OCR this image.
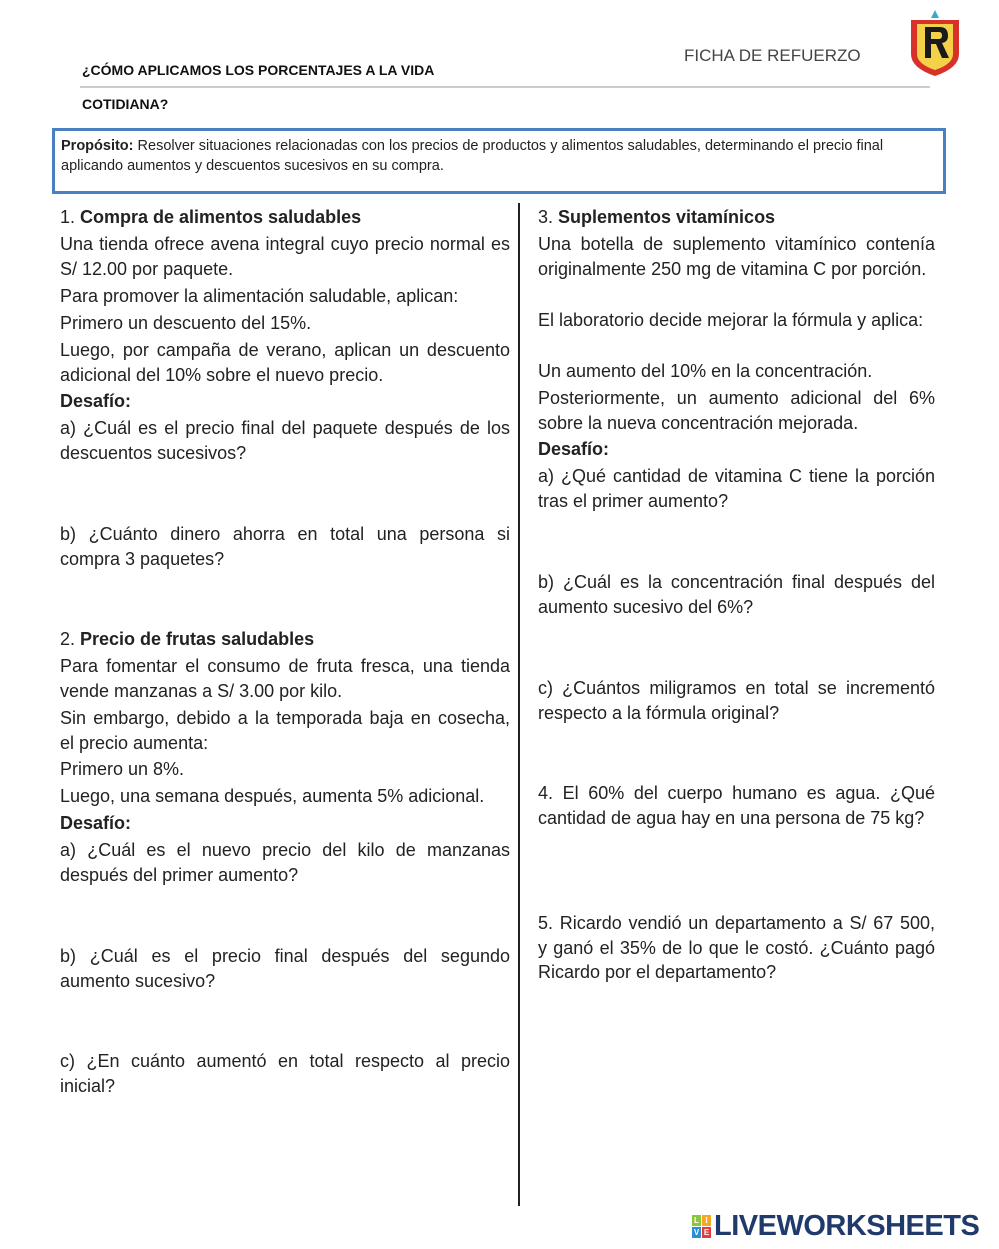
¿CÓMO APLICAMOS LOS PORCENTAJES A LA VIDA
COTIDIANA?
FICHA DE REFUERZO
Propósito: Resolver situaciones relacionadas con los precios de productos y alimentos saludables, determinando el precio final aplicando aumentos y descuentos sucesivos en su compra.
1. Compra de alimentos saludables
Una tienda ofrece avena integral cuyo precio normal es S/ 12.00 por paquete.
Para promover la alimentación saludable, aplican:
Primero un descuento del 15%.
Luego, por campaña de verano, aplican un descuento adicional del 10% sobre el nuevo precio.
Desafío:
a) ¿Cuál es el precio final del paquete después de los descuentos sucesivos?
b) ¿Cuánto dinero ahorra en total una persona si compra 3 paquetes?
2. Precio de frutas saludables
Para fomentar el consumo de fruta fresca, una tienda vende manzanas a S/ 3.00 por kilo.
Sin embargo, debido a la temporada baja en cosecha, el precio aumenta:
Primero un 8%.
Luego, una semana después, aumenta 5% adicional.
Desafío:
a) ¿Cuál es el nuevo precio del kilo de manzanas después del primer aumento?
b) ¿Cuál es el precio final después del segundo aumento sucesivo?
c) ¿En cuánto aumentó en total respecto al precio inicial?
3. Suplementos vitamínicos
Una botella de suplemento vitamínico contenía originalmente 250 mg de vitamina C por porción.
El laboratorio decide mejorar la fórmula y aplica:
Un aumento del 10% en la concentración.
Posteriormente, un aumento adicional del 6% sobre la nueva concentración mejorada.
Desafío:
a) ¿Qué cantidad de vitamina C tiene la porción tras el primer aumento?
b) ¿Cuál es la concentración final después del aumento sucesivo del 6%?
c) ¿Cuántos miligramos en total se incrementó respecto a la fórmula original?
4. El 60% del cuerpo humano es agua. ¿Qué cantidad de agua hay en una persona de 75 kg?
5. Ricardo vendió un departamento a S/ 67 500, y ganó el 35% de lo que le costó. ¿Cuánto pagó Ricardo por el departamento?
L I
V E LIVEWORKSHEETS
